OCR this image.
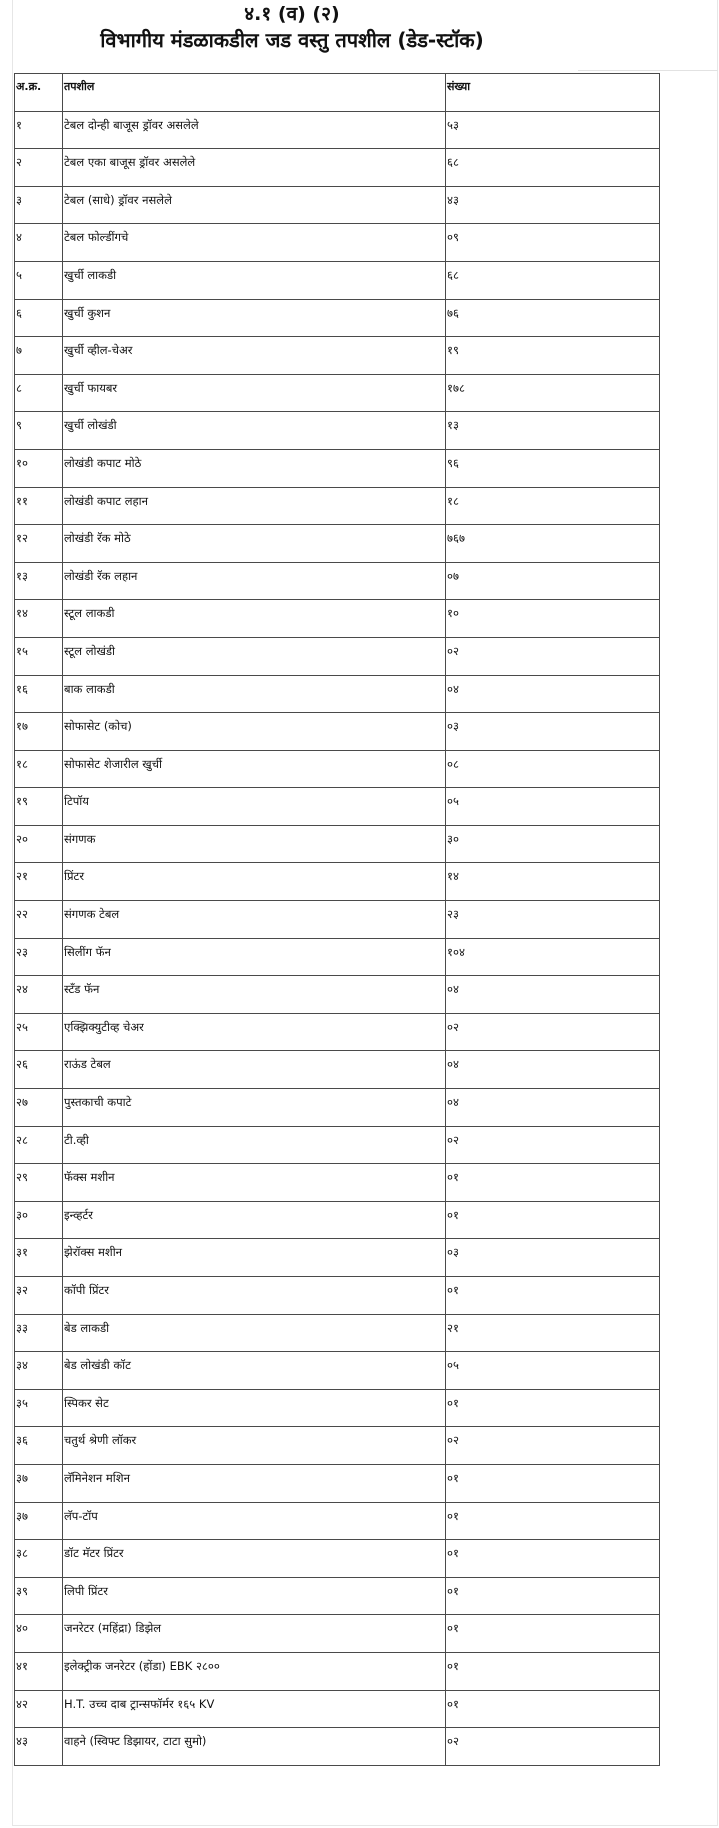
४.१ (व) (२)
विभागीय मंडळाकडील जड वस्तु तपशील (डेड-स्टॉक)
अ.क्र.	तपशील	संख्या
१	टेबल दोन्ही बाजूस ड्रॉवर असलेले	५३
२	टेबल एका बाजूस ड्रॉवर असलेले	६८
३	टेबल (साधे) ड्रॉवर नसलेले	४३
४	टेबल फोल्डींगचे	०९
५	खुर्ची लाकडी	६८
६	खुर्ची कुशन	७६
७	खुर्ची व्हील-चेअर	१९
८	खुर्ची फायबर	१७८
९	खुर्ची लोखंडी	१३
१०	लोखंडी कपाट मोठे	९६
११	लोखंडी कपाट लहान	१८
१२	लोखंडी रॅक मोठे	७६७
१३	लोखंडी रॅक लहान	०७
१४	स्टूल लाकडी	१०
१५	स्टूल लोखंडी	०२
१६	बाक लाकडी	०४
१७	सोफासेट (कोच)	०३
१८	सोफासेट शेजारील खुर्ची	०८
१९	टिपॉय	०५
२०	संगणक	३०
२१	प्रिंटर	१४
२२	संगणक टेबल	२३
२३	सिलींग फॅन	१०४
२४	स्टॅंड फॅन	०४
२५	एक्झिक्युटीव्ह चेअर	०२
२६	राऊंड टेबल	०४
२७	पुस्तकाची कपाटे	०४
२८	टी.व्ही	०२
२९	फॅक्स मशीन	०१
३०	इन्व्हर्टर	०१
३१	झेरॉक्स मशीन	०३
३२	कॉपी प्रिंटर	०१
३३	बेड लाकडी	२१
३४	बेड लोखंडी कॉट	०५
३५	स्पिकर सेट	०१
३६	चतुर्थ श्रेणी लॉकर	०२
३७	लॅमिनेशन मशिन	०१
३७	लॅप-टॉप	०१
३८	डॉट मॅटर प्रिंटर	०१
३९	लिपी प्रिंटर	०१
४०	जनरेटर (महिंद्रा) डिझेल	०१
४१	इलेक्ट्रीक जनरेटर (होंडा) EBK २८००	०१
४२	H.T. उच्च दाब ट्रान्सफॉर्मर १६५ KV	०१
४३	वाहने (स्विफ्ट डिझायर, टाटा सुमो)	०२
